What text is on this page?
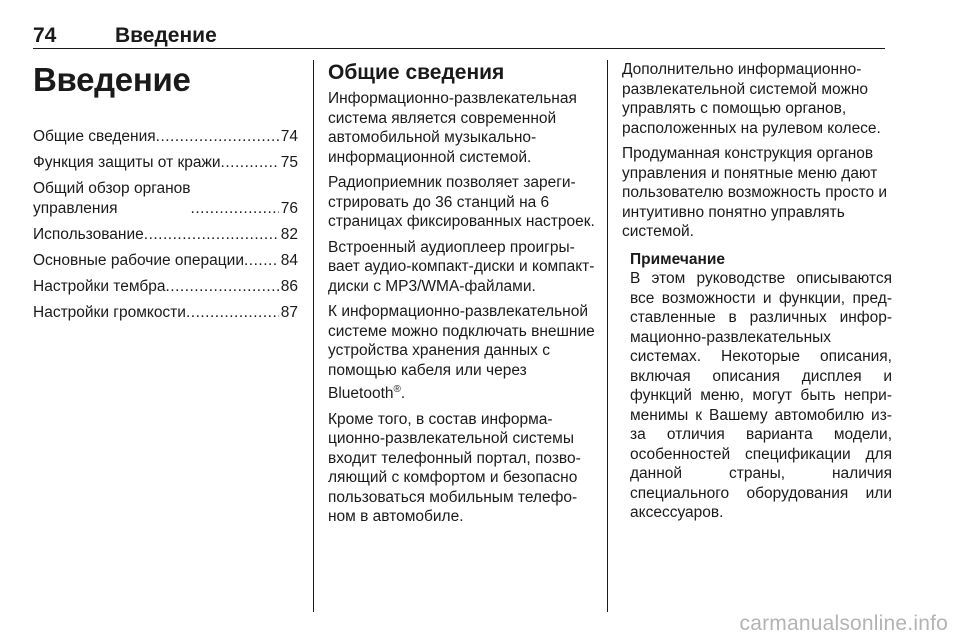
74	Введение
Введение
Общие сведения .....	74
Функция защиты от кражи .....	75
Общий обзор органов
управления .....	76
Использование .....	82
Основные рабочие операции ..... 84
Настройки тембра .....	86
Настройки громкости .....	87
Общие сведения

Информационно-развлекательная система является современной автомобильной музыкально-информационной системой.

Радиоприемник позволяет зарегистрировать до 36 станций на 6 страницах фиксированных настроек.

Встроенный аудиоплеер проигрывает аудио-компакт-диски и компакт-диски с MP3/WMA-файлами.

К информационно-развлекательной системе можно подключать внешние устройства хранения данных с помощью кабеля или через Bluetooth®.

Кроме того, в состав информационно-развлекательной системы входит телефонный портал, позволяющий с комфортом и безопасно пользоваться мобильным телефоном в автомобиле.

Дополнительно информационно-развлекательной системой можно управлять с помощью органов, расположенных на рулевом колесе.

Продуманная конструкция органов управления и понятные меню дают пользователю возможность просто и интуитивно понятно управлять системой.

Примечание
В этом руководстве описываются все возможности и функции, представленные в различных информационно-развлекательных системах. Некоторые описания, включая описания дисплея и функций меню, могут быть неприменимы к Вашему автомобилю из-за отличия варианта модели, особенностей спецификации для данной страны, наличия специального оборудования или аксессуаров.
carmanualsonline.info
